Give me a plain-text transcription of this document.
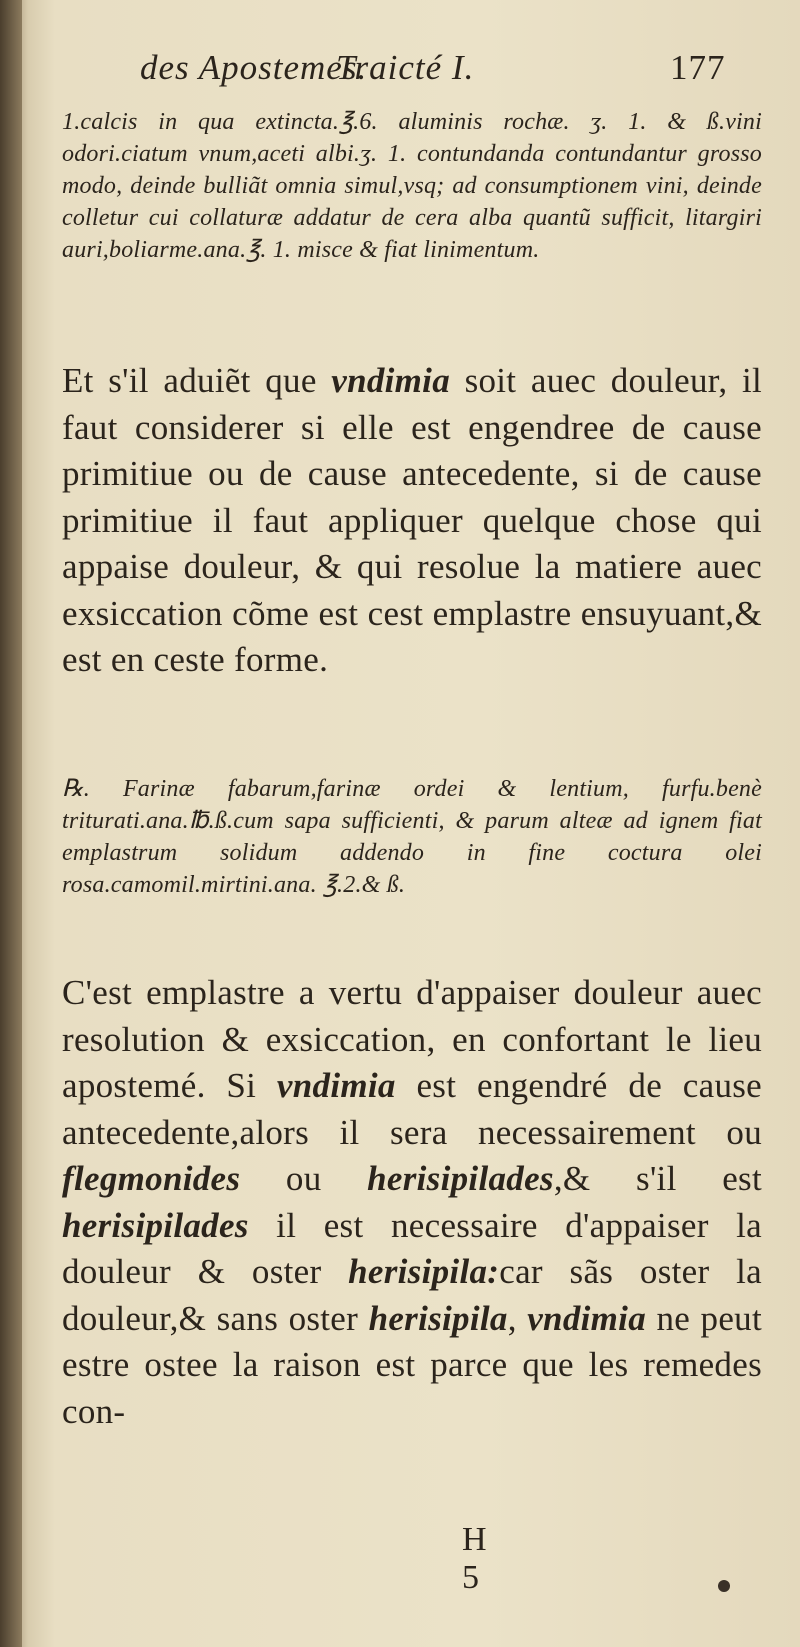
des Apostemes.
Traicté I.	177

1.calcis in qua extincta.℥.6. aluminis rochæ. ʒ. 1. & ß.vini odori.ciatum vnum,aceti albi.ʒ. 1. contundanda contundantur grosso modo, deinde bulliãt omnia simul,vsq; ad consumptionem vini, deinde colletur cui collaturæ addatur de cera alba quantũ sufficit, litargiri auri,boliarme.ana.℥. 1. misce & fiat linimentum.

Et s'il aduiẽt que vndimia soit auec douleur, il faut considerer si elle est engendree de cause primitiue ou de cause antecedente, si de cause primitiue il faut appliquer quelque chose qui appaise douleur, & qui resolue la matiere auec exsiccation cõme est cest emplastre ensuyuant,& est en ceste forme.

℞. Farinæ fabarum,farinæ ordei & lentium, furfu.benè triturati.ana.℔.ß.cum sapa sufficienti, & parum alteæ ad ignem fiat emplastrum solidum addendo in fine coctura olei rosa.camomil.mirtini.ana. ℥.2.& ß.

C'est emplastre a vertu d'appaiser douleur auec resolution & exsiccation, en confortant le lieu apostemé. Si vndimia est engendré de cause antecedente,alors il sera necessairement ou flegmonides ou herisipilades,& s'il est herisipilades il est necessaire d'appaiser la douleur & oster herisipila:car sãs oster la douleur,& sans oster herisipila, vndimia ne peut estre ostee la raison est parce que les remedes con-

H 5
